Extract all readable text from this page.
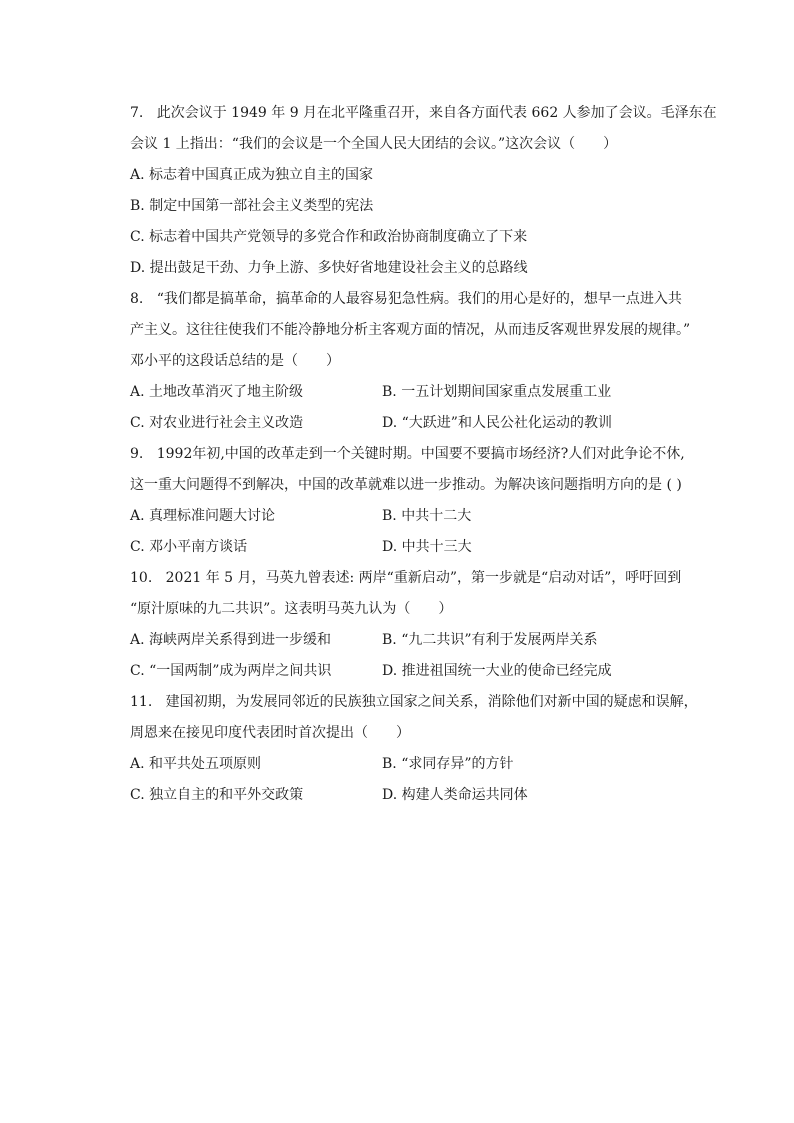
7. 此次会议于 1949 年 9 月在北平隆重召开，来自各方面代表 662 人参加了会议。毛泽东在
会议 1 上指出：“我们的会议是一个全国人民大团结的会议。”这次会议（　　）
A. 标志着中国真正成为独立自主的国家
B. 制定中国第一部社会主义类型的宪法
C. 标志着中国共产党领导的多党合作和政治协商制度确立了下来
D. 提出鼓足干劲、力争上游、多快好省地建设社会主义的总路线
8. “我们都是搞革命，搞革命的人最容易犯急性病。我们的用心是好的，想早一点进入共
产主义。这往往使我们不能冷静地分析主客观方面的情况，从而违反客观世界发展的规律。”
邓小平的这段话总结的是（　　）
A. 土地改革消灭了地主阶级	B. 一五计划期间国家重点发展重工业
C. 对农业进行社会主义改造	D. “大跃进”和人民公社化运动的教训
9. 1992年初,中国的改革走到一个关键时期。中国要不要搞市场经济?人们对此争论不休,
这一重大问题得不到解决，中国的改革就难以进一步推动。为解决该问题指明方向的是 ( )
A. 真理标准问题大讨论	B. 中共十二大
C. 邓小平南方谈话	D. 中共十三大
10. 2021 年 5 月，马英九曾表述: 两岸“重新启动”，第一步就是“启动对话”，呼吁回到
“原汁原味的九二共识”。这表明马英九认为（　　）
A. 海峡两岸关系得到进一步缓和	B. “九二共识”有利于发展两岸关系
C. “一国两制”成为两岸之间共识	D. 推进祖国统一大业的使命已经完成
11. 建国初期，为发展同邻近的民族独立国家之间关系，消除他们对新中国的疑虑和误解，
周恩来在接见印度代表团时首次提出（　　）
A. 和平共处五项原则	B. “求同存异”的方针
C. 独立自主的和平外交政策	D. 构建人类命运共同体
